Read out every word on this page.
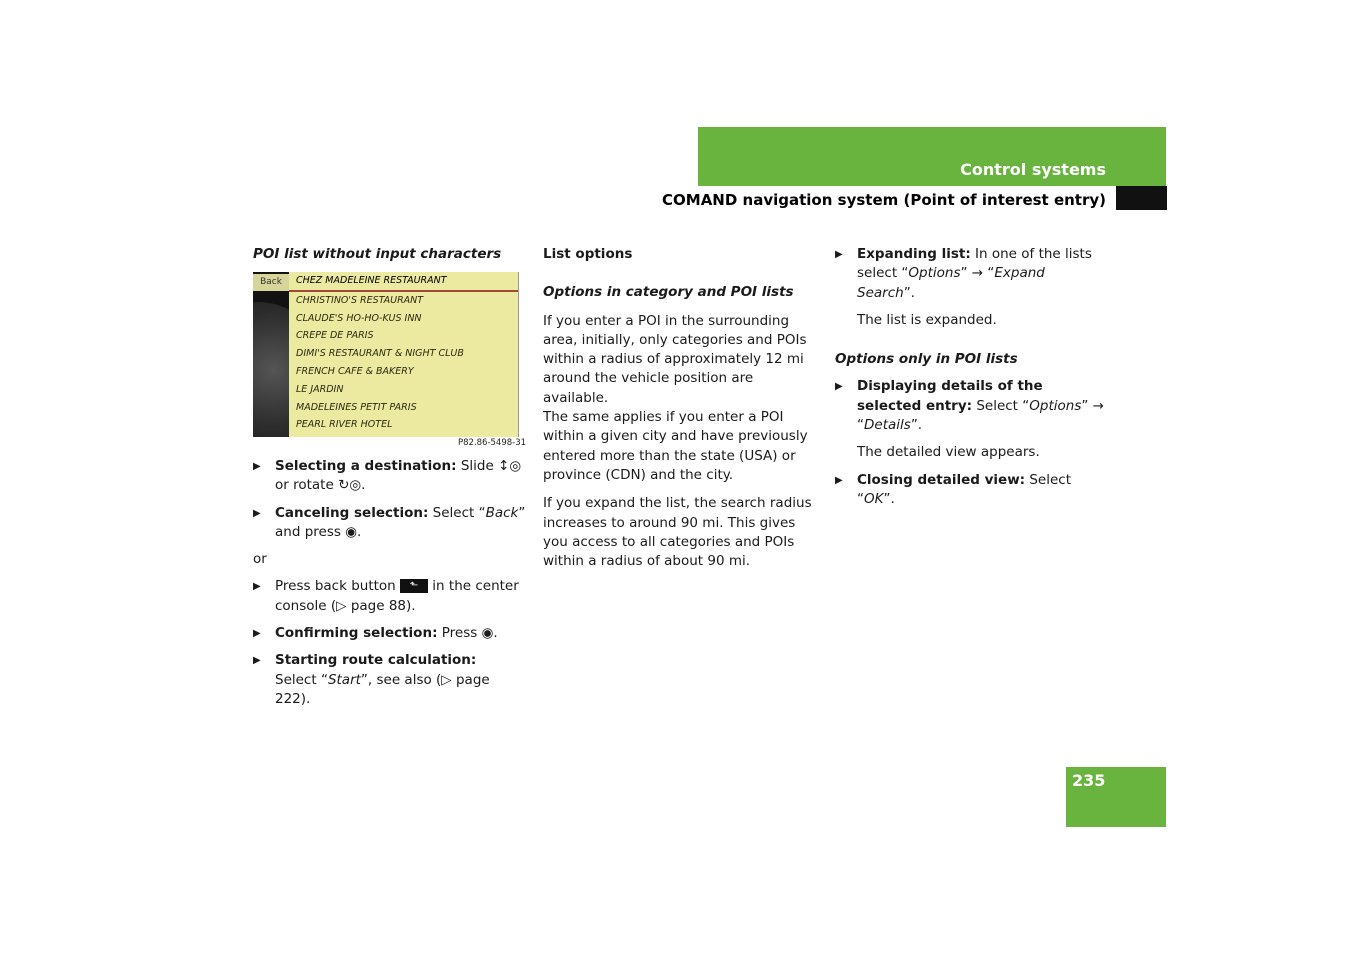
Control systems
COMAND navigation system (Point of interest entry)

POI list without input characters

Back	CHEZ MADELEINE RESTAURANT
CHRISTINO'S RESTAURANT
CLAUDE'S HO-HO-KUS INN
CREPE DE PARIS
DIMI'S RESTAURANT & NIGHT CLUB
FRENCH CAFE & BAKERY
LE JARDIN
MADELEINES PETIT PARIS
PEARL RIVER HOTEL
P82.86-5498-31

▶ Selecting a destination: Slide ↕◎ or rotate ↻◎.

▶ Canceling selection: Select “Back” and press ◉.

or

▶ Press back button ⬑ in the center console (▷ page 88).

▶ Confirming selection: Press ◉.

▶ Starting route calculation:
Select “Start”, see also (▷ page 222).

List options

Options in category and POI lists

If you enter a POI in the surrounding area, initially, only categories and POIs within a radius of approximately 12 mi around the vehicle position are available.

The same applies if you enter a POI within a given city and have previously entered more than the state (USA) or province (CDN) and the city.

If you expand the list, the search radius increases to around 90 mi. This gives you access to all categories and POIs within a radius of about 90 mi.

▶ Expanding list: In one of the lists select “Options” → “Expand Search”.

The list is expanded.

Options only in POI lists

▶ Displaying details of the selected entry: Select “Options” → “Details”.

The detailed view appears.

▶ Closing detailed view: Select “OK”.

235
